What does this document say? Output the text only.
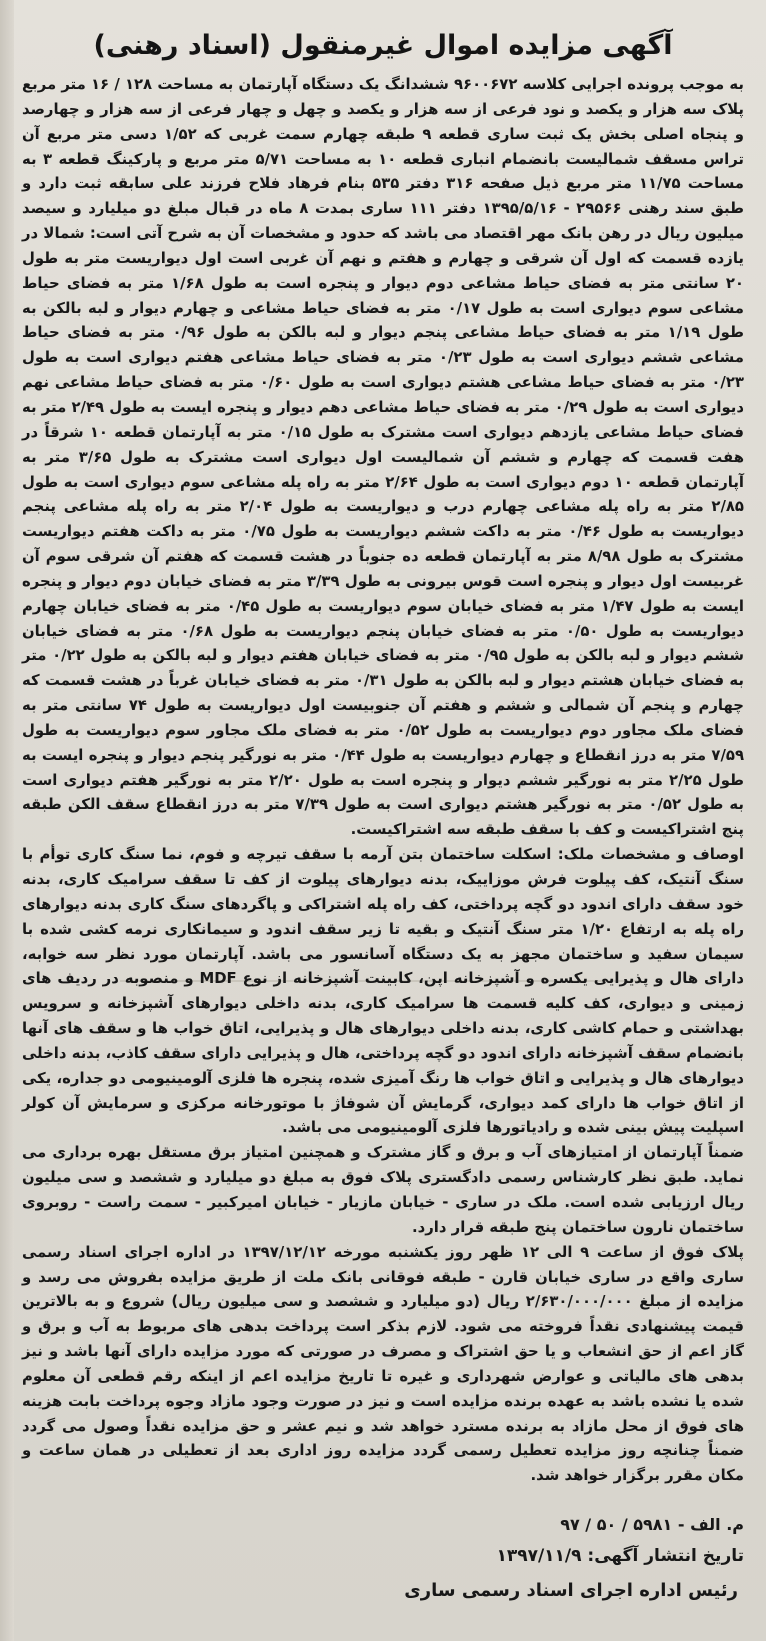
آگهی مزایده اموال غیرمنقول (اسناد رهنی)

به موجب پرونده اجرایی کلاسه ۹۶۰۰۶۷۲ ششدانگ یک دستگاه آپارتمان به مساحت ۱۲۸ / ۱۶ متر مربع پلاک سه هزار و یکصد و نود فرعی از سه هزار و یکصد و چهل و چهار فرعی از سه هزار و چهارصد و پنجاه اصلی بخش یک ثبت ساری قطعه ۹ طبقه چهارم سمت غربی که ۱/۵۲ دسی متر مربع آن تراس مسقف شمالیست بانضمام انباری قطعه ۱۰ به مساحت ۵/۷۱ متر مربع و پارکینگ قطعه ۳ به مساحت ۱۱/۷۵ متر مربع ذیل صفحه ۳۱۶ دفتر ۵۳۵ بنام فرهاد فلاح فرزند علی سابقه ثبت دارد و طبق سند رهنی ۲۹۵۶۶ - ۱۳۹۵/۵/۱۶ دفتر ۱۱۱ ساری بمدت ۸ ماه در قبال مبلغ دو میلیارد و سیصد میلیون ریال در رهن بانک مهر اقتصاد می باشد که حدود و مشخصات آن به شرح آتی است: شمالا در یازده قسمت که اول آن شرقی و چهارم و هفتم و نهم آن غربی است اول دیواریست متر به طول ۲۰ سانتی متر به فضای حیاط مشاعی دوم دیوار و پنجره است به طول ۱/۶۸ متر به فضای حیاط مشاعی سوم دیواری است به طول ۰/۱۷ متر به فضای حیاط مشاعی و چهارم دیوار و لبه بالکن به طول ۱/۱۹ متر به فضای حیاط مشاعی پنجم دیوار و لبه بالکن به طول ۰/۹۶ متر به فضای حیاط مشاعی ششم دیواری است به طول ۰/۲۳ متر به فضای حیاط مشاعی هفتم دیواری است به طول ۰/۲۳ متر به فضای حیاط مشاعی هشتم دیواری است به طول ۰/۶۰ متر به فضای حیاط مشاعی نهم دیواری است به طول ۰/۲۹ متر به فضای حیاط مشاعی دهم دیوار و پنجره ایست به طول ۲/۴۹ متر به فضای حیاط مشاعی یازدهم دیواری است مشترک به طول ۰/۱۵ متر به آپارتمان قطعه ۱۰ شرقاً در هفت قسمت که چهارم و ششم آن شمالیست اول دیواری است مشترک به طول ۳/۶۵ متر به آپارتمان قطعه ۱۰ دوم دیواری است به طول ۲/۶۴ متر به راه پله مشاعی سوم دیواری است به طول ۲/۸۵ متر به راه پله مشاعی چهارم درب و دیواریست به طول ۲/۰۴ متر به راه پله مشاعی پنجم دیواریست به طول ۰/۴۶ متر به داکت ششم دیواریست به طول ۰/۷۵ متر به داکت هفتم دیواریست مشترک به طول ۸/۹۸ متر به آپارتمان قطعه ده جنوباً در هشت قسمت که هفتم آن شرقی سوم آن غربیست اول دیوار و پنجره است قوس بیرونی به طول ۳/۳۹ متر به فضای خیابان دوم دیوار و پنجره ایست به طول ۱/۴۷ متر به فضای خیابان سوم دیواریست به طول ۰/۴۵ متر به فضای خیابان چهارم دیواریست به طول ۰/۵۰ متر به فضای خیابان پنجم دیواریست به طول ۰/۶۸ متر به فضای خیابان ششم دیوار و لبه بالکن به طول ۰/۹۵ متر به فضای خیابان هفتم دیوار و لبه بالکن به طول ۰/۲۲ متر به فضای خیابان هشتم دیوار و لبه بالکن به طول ۰/۳۱ متر به فضای خیابان غرباً در هشت قسمت که چهارم و پنجم آن شمالی و ششم و هفتم آن جنوبیست اول دیواریست به طول ۷۴ سانتی متر به فضای ملک مجاور دوم دیواریست به طول ۰/۵۲ متر به فضای ملک مجاور سوم دیواریست به طول ۷/۵۹ متر به درز انقطاع و چهارم دیواریست به طول ۰/۴۴ متر به نورگیر پنجم دیوار و پنجره ایست به طول ۲/۲۵ متر به نورگیر ششم دیوار و پنجره است به طول ۲/۲۰ متر به نورگیر هفتم دیواری است به طول ۰/۵۲ متر به نورگیر هشتم دیواری است به طول ۷/۳۹ متر به درز انقطاع سقف الکن طبقه پنج اشتراکیست و کف با سقف طبقه سه اشتراکیست.

اوصاف و مشخصات ملک: اسکلت ساختمان بتن آرمه با سقف تیرچه و فوم، نما سنگ کاری توأم با سنگ آنتیک، کف پیلوت فرش موزاییک، بدنه دیوارهای پیلوت از کف تا سقف سرامیک کاری، بدنه خود سقف دارای اندود دو گچه پرداختی، کف راه پله اشتراکی و پاگردهای سنگ کاری بدنه دیوارهای راه پله به ارتفاع ۱/۲۰ متر سنگ آنتیک و بقیه تا زیر سقف اندود و سیمانکاری نرمه کشی شده با سیمان سفید و ساختمان مجهز به یک دستگاه آسانسور می باشد. آپارتمان مورد نظر سه خوابه، دارای هال و پذیرایی یکسره و آشپزخانه اپن، کابینت آشپزخانه از نوع MDF و منصوبه در ردیف های زمینی و دیواری، کف کلیه قسمت ها سرامیک کاری، بدنه داخلی دیوارهای آشپزخانه و سرویس بهداشتی و حمام کاشی کاری، بدنه داخلی دیوارهای هال و پذیرایی، اتاق خواب ها و سقف های آنها بانضمام سقف آشپزخانه دارای اندود دو گچه پرداختی، هال و پذیرایی دارای سقف کاذب، بدنه داخلی دیوارهای هال و پذیرایی و اتاق خواب ها رنگ آمیزی شده، پنجره ها فلزی آلومینیومی دو جداره، یکی از اتاق خواب ها دارای کمد دیواری، گرمایش آن شوفاژ با موتورخانه مرکزی و سرمایش آن کولر اسپلیت پیش بینی شده و رادیاتورها فلزی آلومینیومی می باشد.

ضمناً آپارتمان از امتیازهای آب و برق و گاز مشترک و همچنین امتیاز برق مستقل بهره برداری می نماید. طبق نظر کارشناس رسمی دادگستری پلاک فوق به مبلغ دو میلیارد و ششصد و سی میلیون ریال ارزیابی شده است. ملک در ساری - خیابان مازیار - خیابان امیرکبیر - سمت راست - روبروی ساختمان نارون ساختمان پنج طبقه قرار دارد.

پلاک فوق از ساعت ۹ الی ۱۲ ظهر روز یکشنبه مورخه ۱۳۹۷/۱۲/۱۲ در اداره اجرای اسناد رسمی ساری واقع در ساری خیابان قارن - طبقه فوقانی بانک ملت از طریق مزایده بفروش می رسد و مزایده از مبلغ ۲/۶۳۰/۰۰۰/۰۰۰ ریال (دو میلیارد و ششصد و سی میلیون ریال) شروع و به بالاترین قیمت پیشنهادی نقداً فروخته می شود. لازم بذکر است پرداخت بدهی های مربوط به آب و برق و گاز اعم از حق انشعاب و یا حق اشتراک و مصرف در صورتی که مورد مزایده دارای آنها باشد و نیز بدهی های مالیاتی و عوارض شهرداری و غیره تا تاریخ مزایده اعم از اینکه رقم قطعی آن معلوم شده یا نشده باشد به عهده برنده مزایده است و نیز در صورت وجود مازاد وجوه پرداخت بابت هزینه های فوق از محل مازاد به برنده مسترد خواهد شد و نیم عشر و حق مزایده نقداً وصول می گردد ضمناً چنانچه روز مزایده تعطیل رسمی گردد مزایده روز اداری بعد از تعطیلی در همان ساعت و مکان مقرر برگزار خواهد شد.

م. الف - ۵۹۸۱ / ۵۰ / ۹۷
تاریخ انتشار آگهی: ۱۳۹۷/۱۱/۹
رئیس اداره اجرای اسناد رسمی ساری
